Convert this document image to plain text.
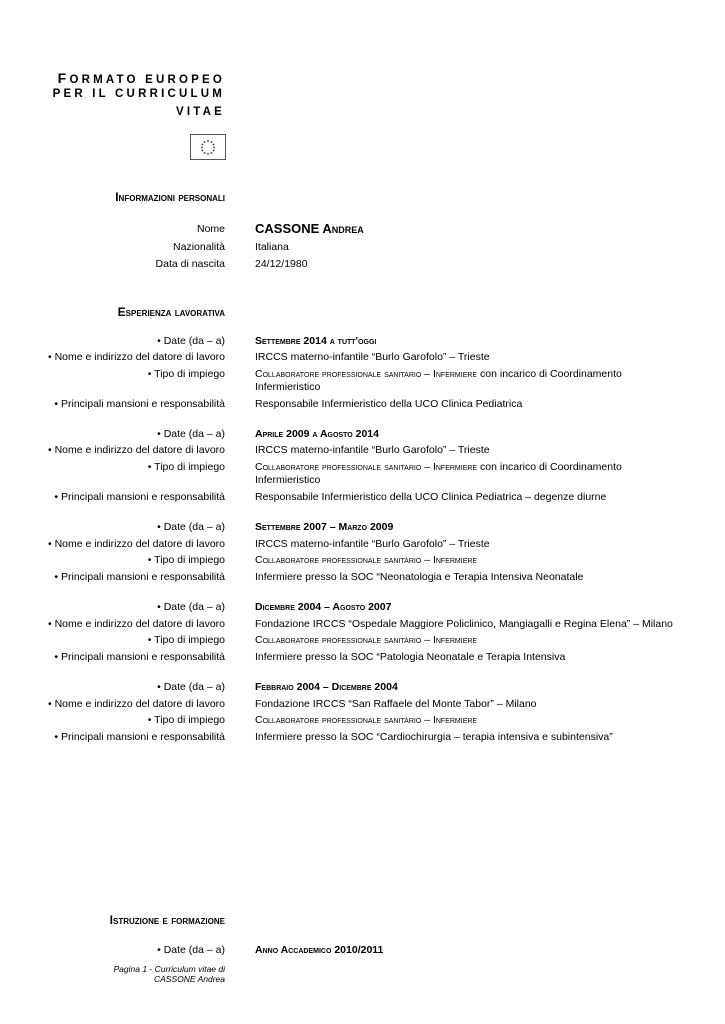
FORMATO EUROPEO
PER IL CURRICULUM
VITAE
Informazioni personali
Nome CASSONE Andrea
Nazionalità	Italiana
Data di nascita	24/12/1980
Esperienza lavorativa
• Date (da – a)	Settembre 2014 a tutt'oggi
• Nome e indirizzo del datore di lavoro	IRCCS materno-infantile “Burlo Garofolo” – Trieste
• Tipo di impiego	Collaboratore professionale sanitario – Infermiere con incarico di Coordinamento Infermieristico
• Principali mansioni e responsabilità	Responsabile Infermieristico della UCO Clinica Pediatrica
• Date (da – a)	Aprile 2009 a Agosto 2014
• Nome e indirizzo del datore di lavoro	IRCCS materno-infantile “Burlo Garofolo” – Trieste
• Tipo di impiego	Collaboratore professionale sanitario – Infermiere con incarico di Coordinamento Infermieristico
• Principali mansioni e responsabilità	Responsabile Infermieristico della UCO Clinica Pediatrica – degenze diurne
• Date (da – a)	Settembre 2007 – Marzo 2009
• Nome e indirizzo del datore di lavoro	IRCCS materno-infantile “Burlo Garofolo” – Trieste
• Tipo di impiego	Collaboratore professionale sanitario – Infermiere
• Principali mansioni e responsabilità	Infermiere presso la SOC “Neonatologia e Terapia Intensiva Neonatale
• Date (da – a)	Dicembre 2004 – Agosto 2007
• Nome e indirizzo del datore di lavoro	Fondazione IRCCS “Ospedale Maggiore Policlinico, Mangiagalli e Regina Elena” – Milano
• Tipo di impiego	Collaboratore professionale sanitario – Infermiere
• Principali mansioni e responsabilità	Infermiere presso la SOC “Patologia Neonatale e Terapia Intensiva
• Date (da – a)	Febbraio 2004 – Dicembre 2004
• Nome e indirizzo del datore di lavoro	Fondazione IRCCS “San Raffaele del Monte Tabor” – Milano
• Tipo di impiego	Collaboratore professionale sanitario – Infermiere
• Principali mansioni e responsabilità	Infermiere presso la SOC “Cardiochirurgia – terapia intensiva e subintensiva”
Istruzione e formazione
• Date (da – a)	Anno Accademico 2010/2011
Pagina 1 - Curriculum vitae di
CASSONE Andrea
